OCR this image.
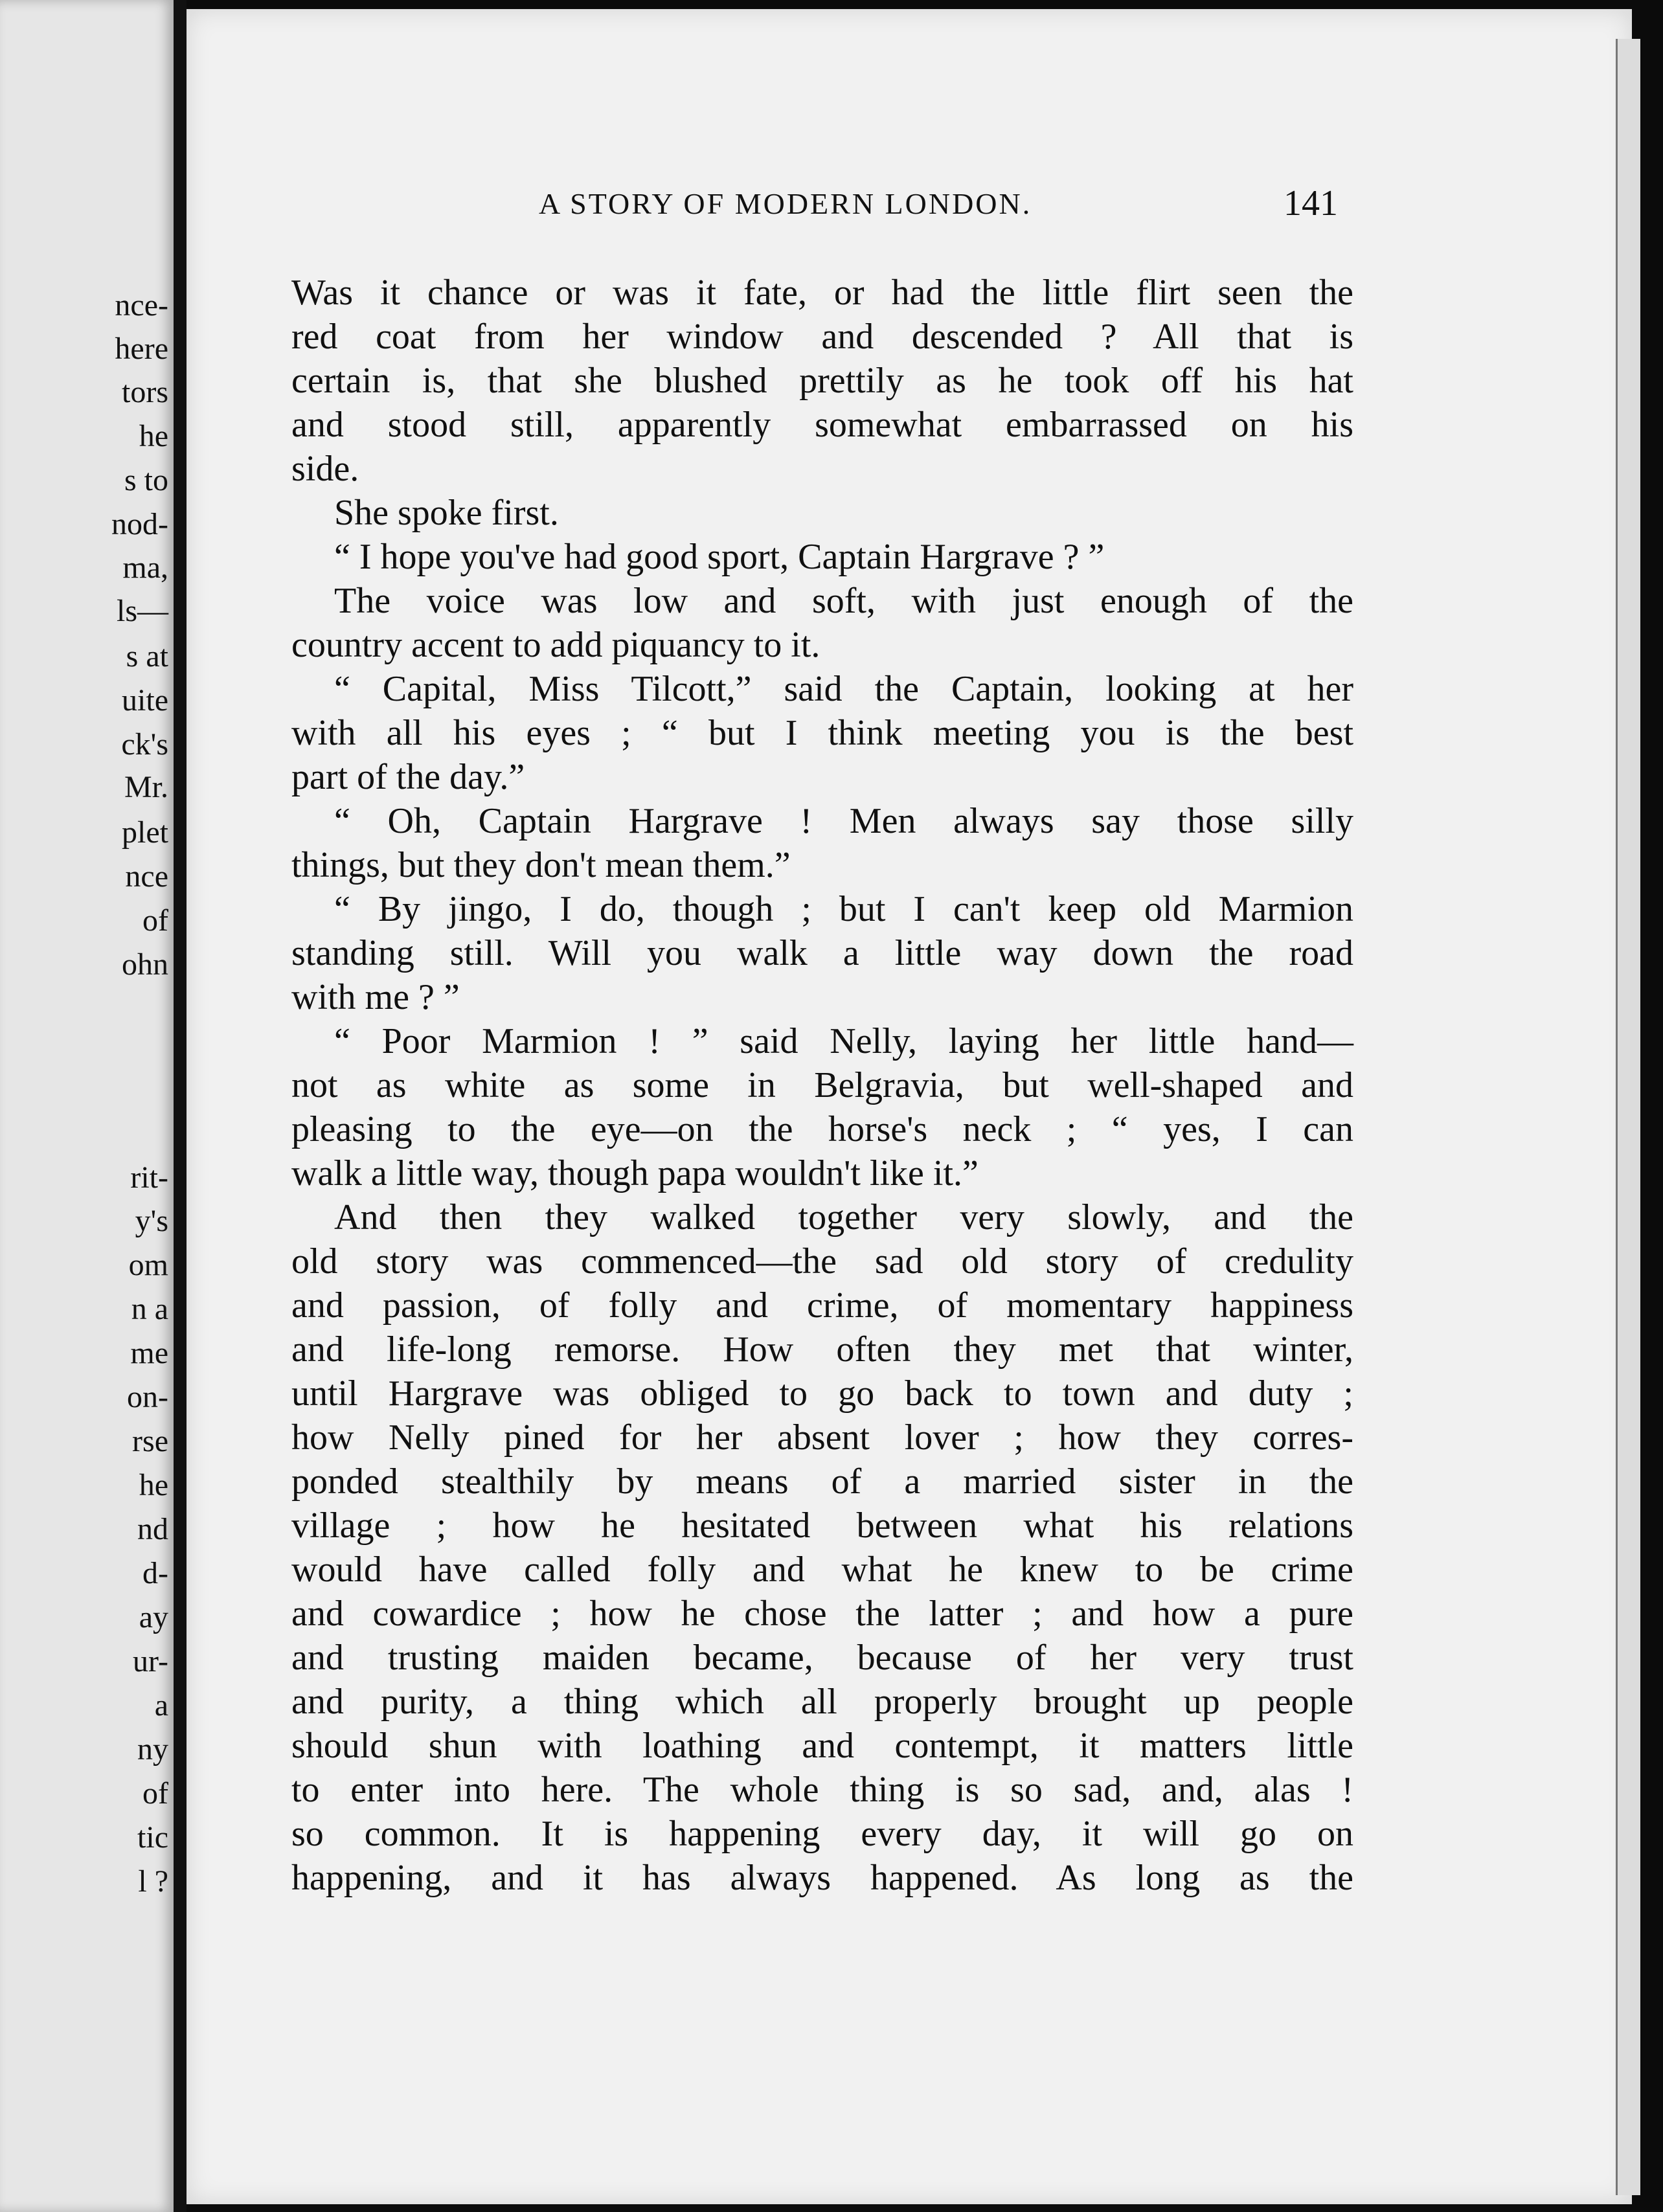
nce-
here
tors
he
s to
nod-
ma,
ls—
s at
uite
ck's
Mr.
plet
nce
of
ohn
rit-
y's
om
n a
me
on-
rse
he
nd
d-
ay
ur-
a
ny
of
tic
l ?
A STORY OF MODERN LONDON.	141
Was it chance or was it fate, or had the little flirt seen the
red coat from her window and descended ? All that is
certain is, that she blushed prettily as he took off his hat
and stood still, apparently somewhat embarrassed on his
side.
She spoke first.
“ I hope you've had good sport, Captain Hargrave ? ”
The voice was low and soft, with just enough of the
country accent to add piquancy to it.
“ Capital, Miss Tilcott,” said the Captain, looking at her
with all his eyes ; “ but I think meeting you is the best
part of the day.”
“ Oh, Captain Hargrave ! Men always say those silly
things, but they don't mean them.”
“ By jingo, I do, though ; but I can't keep old Marmion
standing still. Will you walk a little way down the road
with me ? ”
“ Poor Marmion ! ” said Nelly, laying her little hand—
not as white as some in Belgravia, but well-shaped and
pleasing to the eye—on the horse's neck ; “ yes, I can
walk a little way, though papa wouldn't like it.”
And then they walked together very slowly, and the
old story was commenced—the sad old story of credulity
and passion, of folly and crime, of momentary happiness
and life-long remorse. How often they met that winter,
until Hargrave was obliged to go back to town and duty ;
how Nelly pined for her absent lover ; how they corres-
ponded stealthily by means of a married sister in the
village ; how he hesitated between what his relations
would have called folly and what he knew to be crime
and cowardice ; how he chose the latter ; and how a pure
and trusting maiden became, because of her very trust
and purity, a thing which all properly brought up people
should shun with loathing and contempt, it matters little
to enter into here. The whole thing is so sad, and, alas !
so common. It is happening every day, it will go on
happening, and it has always happened. As long as the
